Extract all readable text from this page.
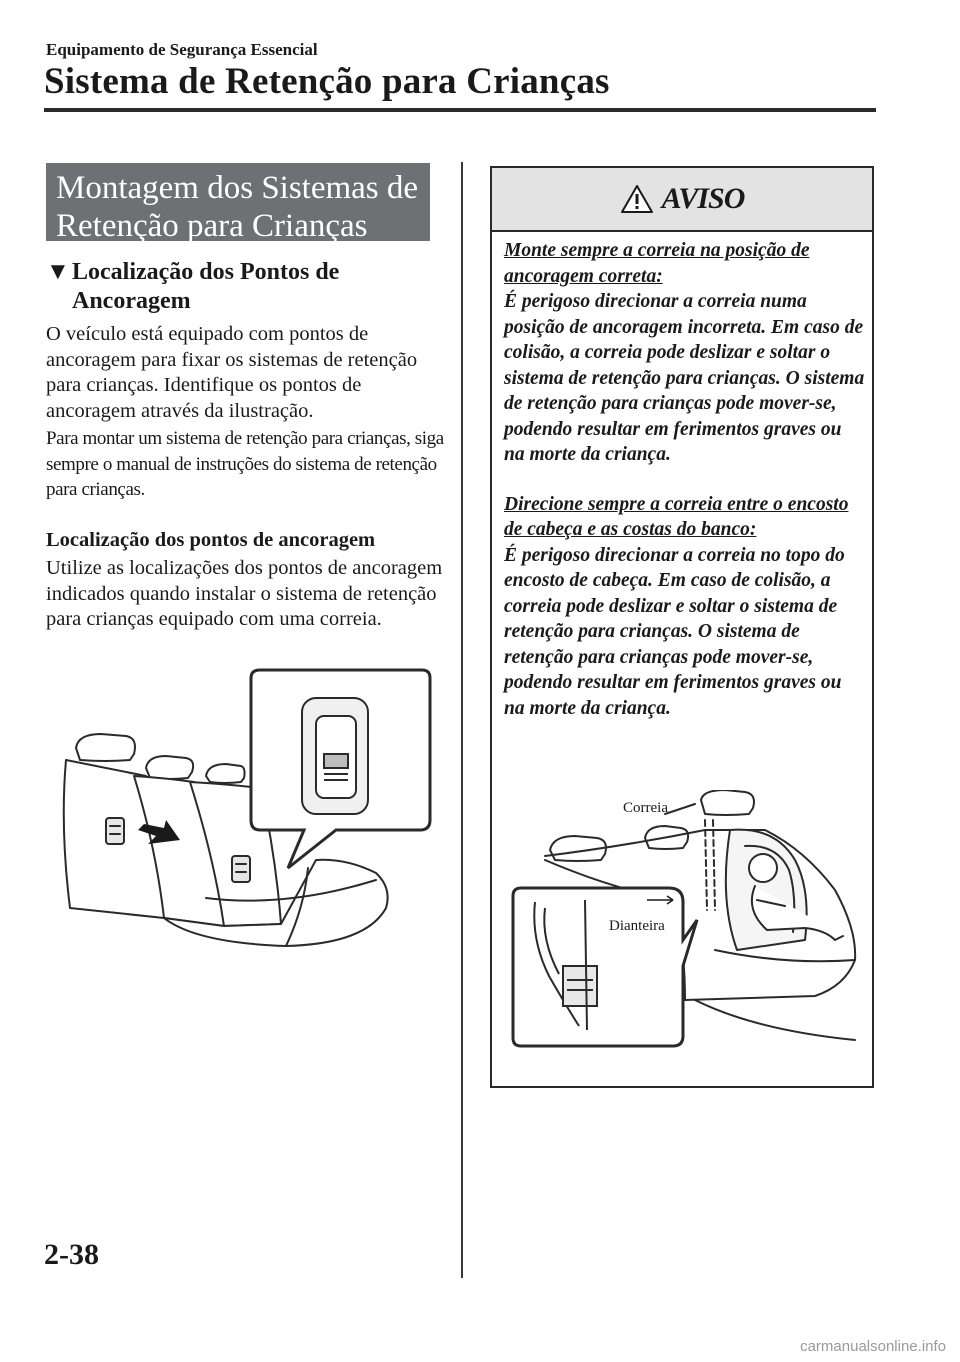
Equipamento de Segurança Essencial
Sistema de Retenção para Crianças
Montagem dos Sistemas de
Retenção para Crianças
▼Localização dos Pontos de
Ancoragem
O veículo está equipado com pontos de ancoragem para fixar os sistemas de retenção para crianças. Identifique os pontos de ancoragem através da ilustração.
Para montar um sistema de retenção para crianças, siga sempre o manual de instruções do sistema de retenção para crianças.
Localização dos pontos de ancoragem
Utilize as localizações dos pontos de ancoragem indicados quando instalar o sistema de retenção para crianças equipado com uma correia.
AVISO

Monte sempre a correia na posição de ancoragem correta:

É perigoso direcionar a correia numa posição de ancoragem incorreta. Em caso de colisão, a correia pode deslizar e soltar o sistema de retenção para crianças. O sistema de retenção para crianças pode mover-se, podendo resultar em ferimentos graves ou na morte da criança.

Direcione sempre a correia entre o encosto de cabeça e as costas do banco:

É perigoso direcionar a correia no topo do encosto de cabeça. Em caso de colisão, a correia pode deslizar e soltar o sistema de retenção para crianças. O sistema de retenção para crianças pode mover-se, podendo resultar em ferimentos graves ou na morte da criança.

Correia
Dianteira
2-38
carmanualsonline.info
